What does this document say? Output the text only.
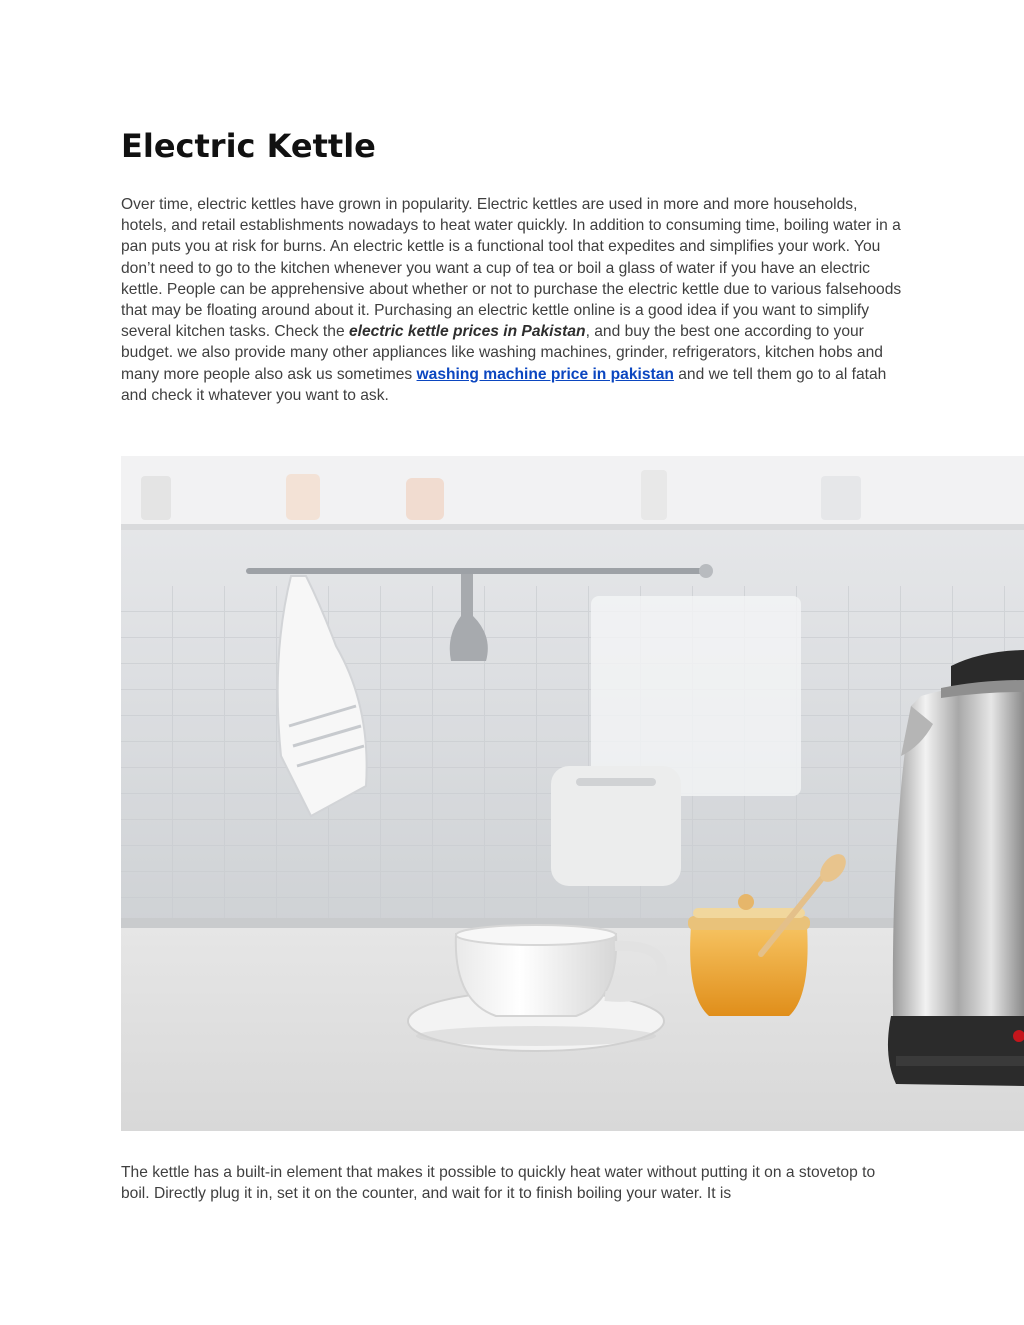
Electric Kettle

Over time, electric kettles have grown in popularity. Electric kettles are used in more and more households, hotels, and retail establishments nowadays to heat water quickly. In addition to consuming time, boiling water in a pan puts you at risk for burns. An electric kettle is a functional tool that expedites and simplifies your work. You don’t need to go to the kitchen whenever you want a cup of tea or boil a glass of water if you have an electric kettle. People can be apprehensive about whether or not to purchase the electric kettle due to various falsehoods that may be floating around about it. Purchasing an electric kettle online is a good idea if you want to simplify several kitchen tasks. Check the electric kettle prices in Pakistan, and buy the best one according to your budget. we also provide many other appliances like washing machines, grinder, refrigerators, kitchen hobs and many more people also ask us sometimes washing machine price in pakistan and we tell them go to al fatah and check it whatever you want to ask.

The kettle has a built-in element that makes it possible to quickly heat water without putting it on a stovetop to boil. Directly plug it in, set it on the counter, and wait for it to finish boiling your water. It is
